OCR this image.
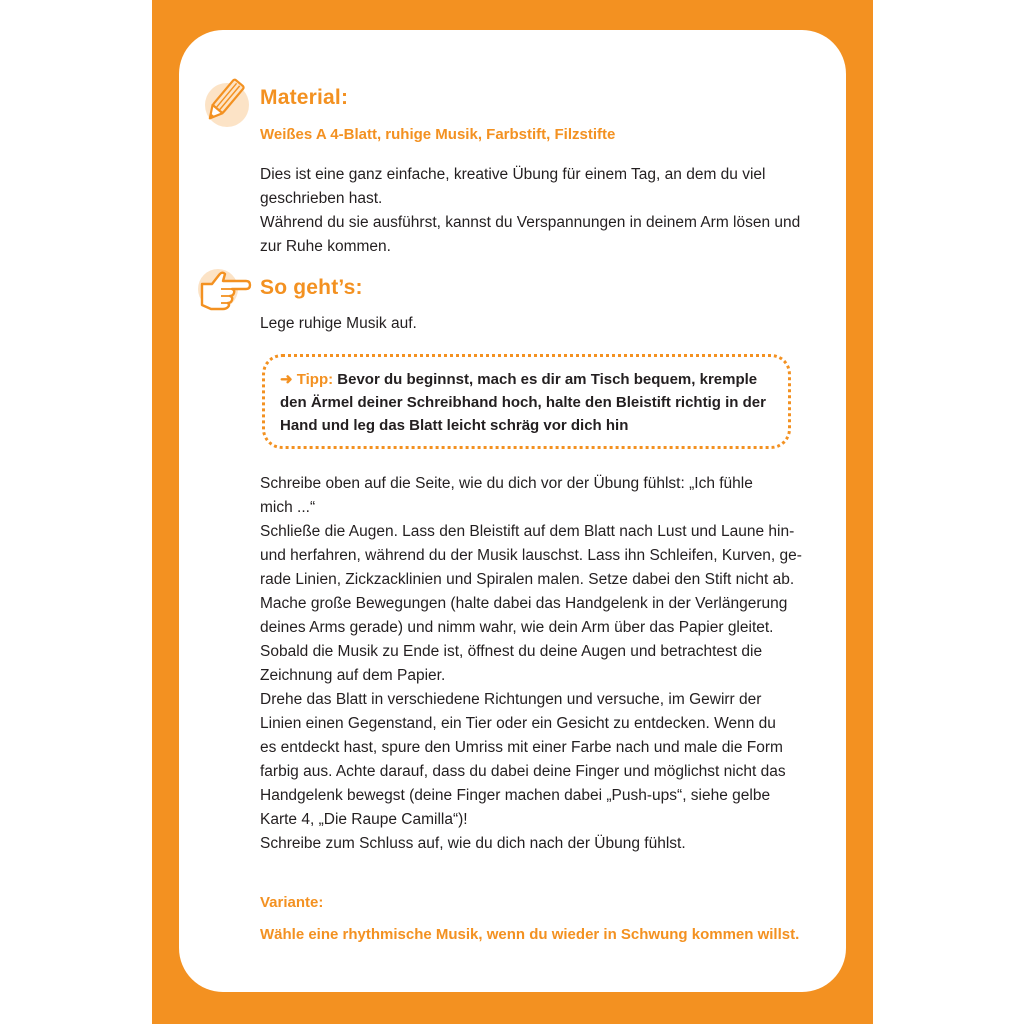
Material:
Weißes A 4-Blatt, ruhige Musik, Farbstift, Filzstifte
Dies ist eine ganz einfache, kreative Übung für einem Tag, an dem du viel
geschrieben hast.
Während du sie ausführst, kannst du Verspannungen in deinem Arm lösen und
zur Ruhe kommen.
So geht’s:
Lege ruhige Musik auf.
➜ Tipp: Bevor du beginnst, mach es dir am Tisch bequem, kremple
den Ärmel deiner Schreibhand hoch, halte den Bleistift richtig in der
Hand und leg das Blatt leicht schräg vor dich hin
Schreibe oben auf die Seite, wie du dich vor der Übung fühlst: „Ich fühle
mich ...“
Schließe die Augen. Lass den Bleistift auf dem Blatt nach Lust und Laune hin-
und herfahren, während du der Musik lauschst. Lass ihn Schleifen, Kurven, ge-
rade Linien, Zickzacklinien und Spiralen malen. Setze dabei den Stift nicht ab.
Mache große Bewegungen (halte dabei das Handgelenk in der Verlängerung
deines Arms gerade) und nimm wahr, wie dein Arm über das Papier gleitet.
Sobald die Musik zu Ende ist, öffnest du deine Augen und betrachtest die
Zeichnung auf dem Papier.
Drehe das Blatt in verschiedene Richtungen und versuche, im Gewirr der
Linien einen Gegenstand, ein Tier oder ein Gesicht zu entdecken. Wenn du
es entdeckt hast, spure den Umriss mit einer Farbe nach und male die Form
farbig aus. Achte darauf, dass du dabei deine Finger und möglichst nicht das
Handgelenk bewegst (deine Finger machen dabei „Push-ups“, siehe gelbe
Karte 4, „Die Raupe Camilla“)!
Schreibe zum Schluss auf, wie du dich nach der Übung fühlst.
Variante:
Wähle eine rhythmische Musik, wenn du wieder in Schwung kommen willst.
